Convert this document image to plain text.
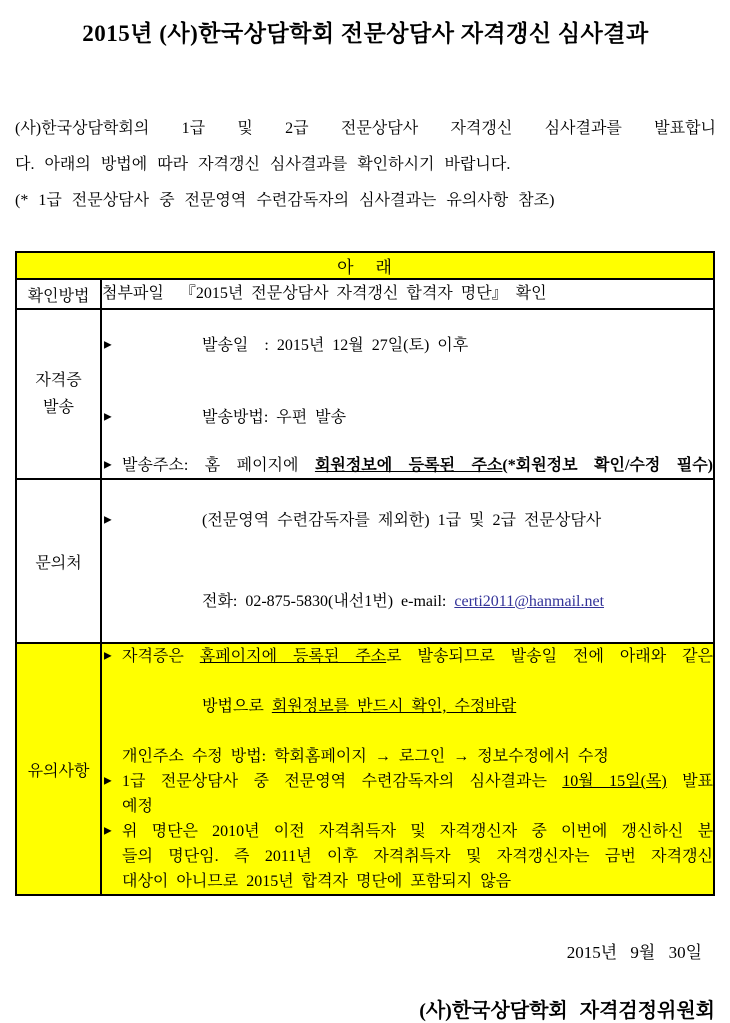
2015년 (사)한국상담학회 전문상담사 자격갱신 심사결과
(사)한국상담학회의 1급 및 2급 전문상담사 자격갱신 심사결과를 발표합니
다. 아래의 방법에 따라 자격갱신 심사결과를 확인하시기 바랍니다.
(* 1급 전문상담사 중 전문영역 수련감독자의 심사결과는 유의사항 참조)
아    래	
확인방법	첨부파일  『2015년 전문상담사 자격갱신 합격자 명단』 확인

자격증
발송

▶	발송일  : 2015년 12월 27일(토) 이후

▶	발송방법: 우편 발송

▶ 발송주소: 홈 페이지에 회원정보에 등록된 주소(*회원정보 확인/수정 필수)

문의처	▶ (전문영역 수련감독자를 제외한) 1급 및 2급 전문상담사

전화: 02-875-5830(내선1번) e-mail: certi2011@hanmail.net

유의사항	
▶ 자격증은 홈페이지에 등록된 주소로 발송되므로 발송일 전에 아래와 같은

방법으로 회원정보를 반드시 확인, 수정바람

개인주소 수정 방법: 학회홈페이지 → 로그인 → 정보수정에서 수정
▶ 1급 전문상담사 중 전문영역 수련감독자의 심사결과는 10월 15일(목) 발표
예정
▶ 위 명단은 2010년 이전 자격취득자 및 자격갱신자 중 이번에 갱신하신 분
들의 명단임. 즉 2011년 이후 자격취득자 및 자격갱신자는 금번 자격갱신
대상이 아니므로 2015년 합격자 명단에 포함되지 않음
2015년 9월 30일
(사)한국상담학회 자격검정위원회
